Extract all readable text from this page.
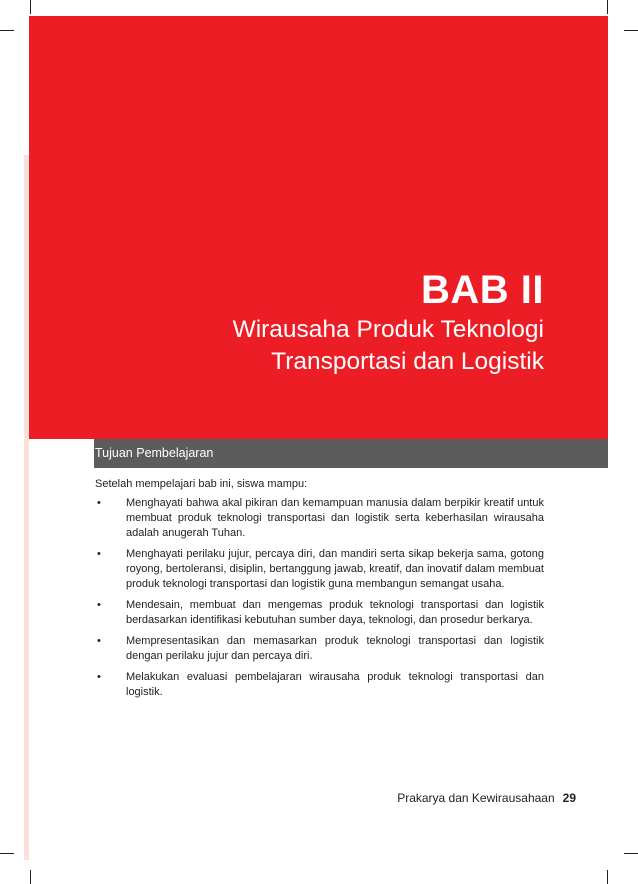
BAB II
Wirausaha Produk Teknologi
Transportasi dan Logistik
Tujuan Pembelajaran

Setelah mempelajari bab ini, siswa mampu:

• Menghayati bahwa akal pikiran dan kemampuan manusia dalam berpikir kreatif untuk membuat produk teknologi transportasi dan logistik serta keberhasilan wirausaha adalah anugerah Tuhan.
• Menghayati perilaku jujur, percaya diri, dan mandiri serta sikap bekerja sama, gotong royong, bertoleransi, disiplin, bertanggung jawab, kreatif, dan inovatif dalam membuat produk teknologi transportasi dan logistik guna membangun semangat usaha.
• Mendesain, membuat dan mengemas produk teknologi transportasi dan logistik berdasarkan identifikasi kebutuhan sumber daya, teknologi, dan prosedur berkarya.
• Mempresentasikan dan memasarkan produk teknologi transportasi dan logistik dengan perilaku jujur dan percaya diri.
• Melakukan evaluasi pembelajaran wirausaha produk teknologi transportasi dan logistik.
Prakarya dan Kewirausahaan 29
